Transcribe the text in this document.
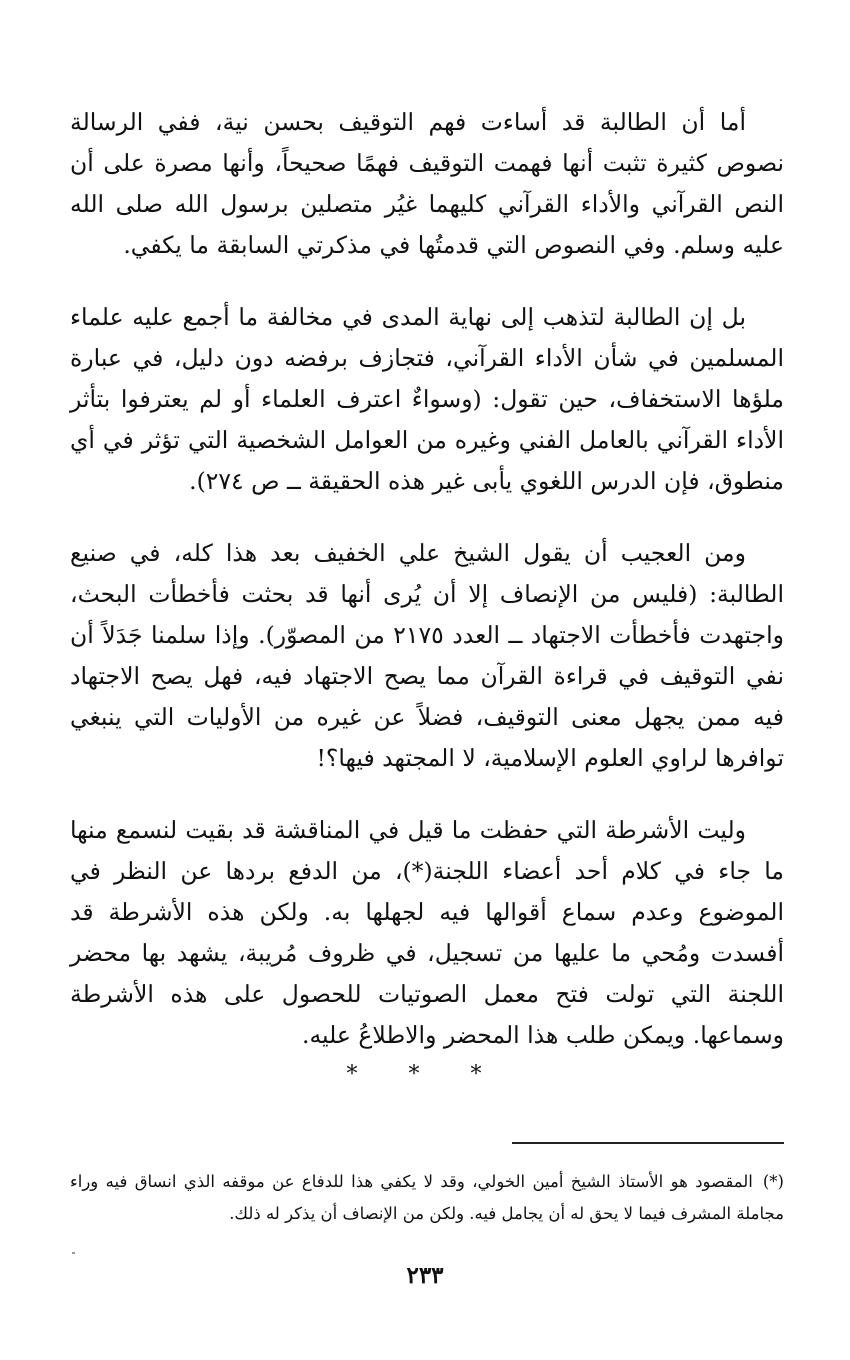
أما أن الطالبة قد أساءت فهم التوقيف بحسن نية، ففي الرسالة نصوص كثيرة تثبت أنها فهمت التوقيف فهمًا صحيحاً، وأنها مصرة على أن النص القرآني والأداء القرآني كليهما غيُر متصلين برسول الله صلى الله عليه وسلم. وفي النصوص التي قدمتُها في مذكرتي السابقة ما يكفي.

بل إن الطالبة لتذهب إلى نهاية المدى في مخالفة ما أجمع عليه علماء المسلمين في شأن الأداء القرآني، فتجازف برفضه دون دليل، في عبارة ملؤها الاستخفاف، حين تقول: (وسواءٌ اعترف العلماء أو لم يعترفوا بتأثر الأداء القرآني بالعامل الفني وغيره من العوامل الشخصية التي تؤثر في أي منطوق، فإن الدرس اللغوي يأبى غير هذه الحقيقة ــ ص ٢٧٤).

ومن العجيب أن يقول الشيخ علي الخفيف بعد هذا كله، في صنيع الطالبة: (فليس من الإنصاف إلا أن يُرى أنها قد بحثت فأخطأت البحث، واجتهدت فأخطأت الاجتهاد ــ العدد ٢١٧٥ من المصوّر). وإذا سلمنا جَدَلاً أن نفي التوقيف في قراءة القرآن مما يصح الاجتهاد فيه، فهل يصح الاجتهاد فيه ممن يجهل معنى التوقيف، فضلاً عن غيره من الأوليات التي ينبغي توافرها لراوي العلوم الإسلامية، لا المجتهد فيها؟!

وليت الأشرطة التي حفظت ما قيل في المناقشة قد بقيت لنسمع منها ما جاء في كلام أحد أعضاء اللجنة(*)، من الدفع بردها عن النظر في الموضوع وعدم سماع أقوالها فيه لجهلها به. ولكن هذه الأشرطة قد أفسدت ومُحي ما عليها من تسجيل، في ظروف مُريبة، يشهد بها محضر اللجنة التي تولت فتح معمل الصوتيات للحصول على هذه الأشرطة وسماعها. ويمكن طلب هذا المحضر والاطلاعُ عليه.

* * *

(*)المقصود هو الأستاذ الشيخ أمين الخولي، وقد لا يكفي هذا للدفاع عن موقفه الذي انساق فيه وراء مجاملة المشرف فيما لا يحق له أن يجامل فيه. ولكن من الإنصاف أن يذكر له ذلك.

٢٣٣
